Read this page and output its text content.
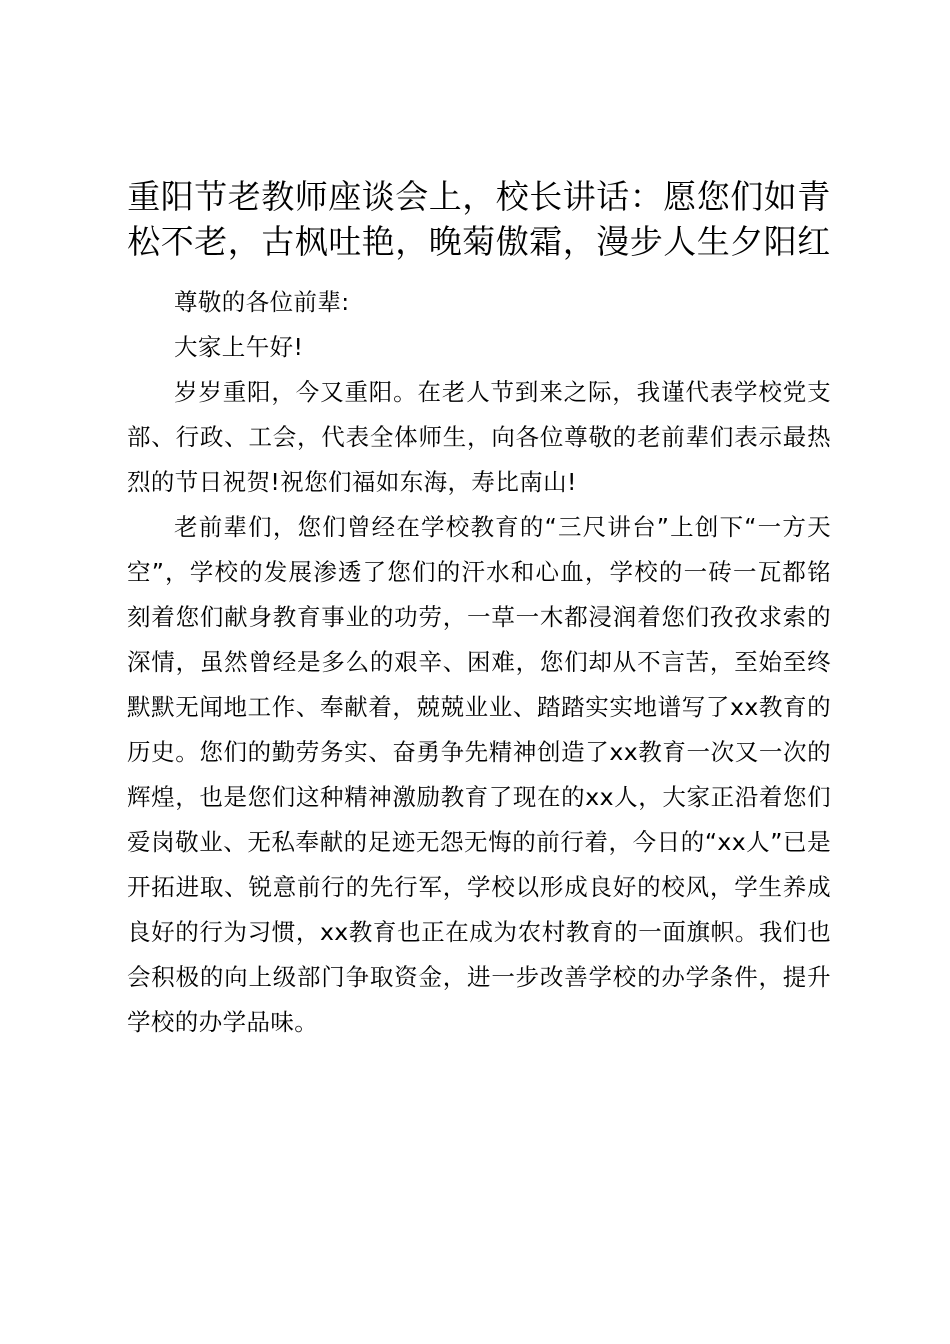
重阳节老教师座谈会上，校长讲话：愿您们如青松不老，古枫吐艳，晚菊傲霜，漫步人生夕阳红

尊敬的各位前辈:

大家上午好!

岁岁重阳，今又重阳。在老人节到来之际，我谨代表学校党支部、行政、工会，代表全体师生，向各位尊敬的老前辈们表示最热烈的节日祝贺!祝您们福如东海，寿比南山!

老前辈们，您们曾经在学校教育的“三尺讲台”上创下“一方天空”，学校的发展渗透了您们的汗水和心血，学校的一砖一瓦都铭刻着您们献身教育事业的功劳，一草一木都浸润着您们孜孜求索的深情，虽然曾经是多么的艰辛、困难，您们却从不言苦，至始至终默默无闻地工作、奉献着，兢兢业业、踏踏实实地谱写了xx教育的历史。您们的勤劳务实、奋勇争先精神创造了xx教育一次又一次的辉煌，也是您们这种精神激励教育了现在的xx人，大家正沿着您们爱岗敬业、无私奉献的足迹无怨无悔的前行着，今日的“xx人”已是开拓进取、锐意前行的先行军，学校以形成良好的校风，学生养成良好的行为习惯，xx教育也正在成为农村教育的一面旗帜。我们也会积极的向上级部门争取资金，进一步改善学校的办学条件，提升学校的办学品味。
